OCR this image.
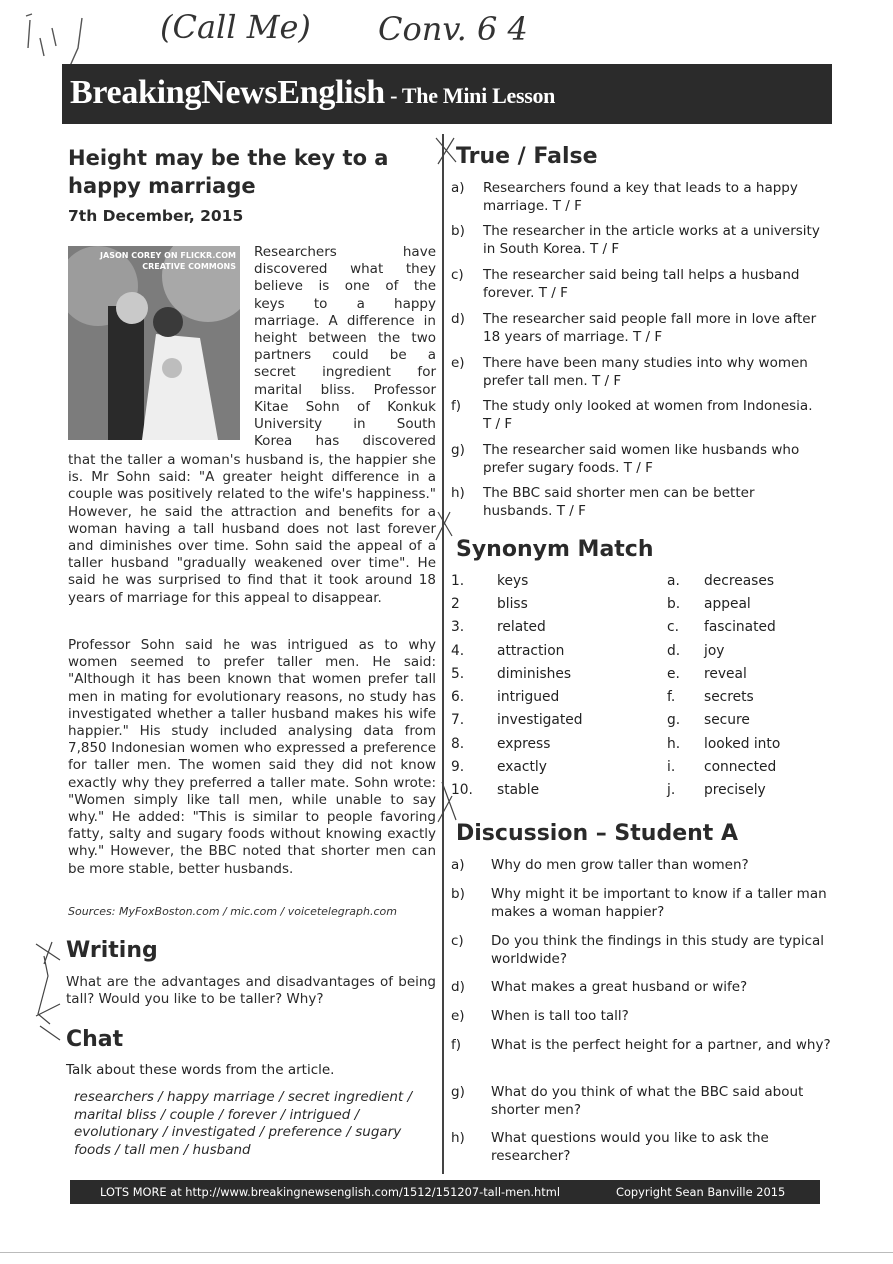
(Call Me) Conv. 6 4
BreakingNewsEnglish - The Mini Lesson
Height may be the key to a
happy marriage
7th December, 2015
JASON COREY ON FLICKR.COM
CREATIVE COMMONS
Researchers have
discovered what they
believe is one of the
keys to a happy
marriage. A difference in
height between the two
partners could be a
secret ingredient for
marital bliss. Professor
Kitae Sohn of Konkuk
University in South
Korea has discovered
that the taller a woman's husband is, the happier she is. Mr Sohn said: "A greater height difference in a couple was positively related to the wife's happiness." However, he said the attraction and benefits for a woman having a tall husband does not last forever and diminishes over time. Sohn said the appeal of a taller husband "gradually weakened over time". He said he was surprised to find that it took around 18 years of marriage for this appeal to disappear.
Professor Sohn said he was intrigued as to why women seemed to prefer taller men. He said: "Although it has been known that women prefer tall men in mating for evolutionary reasons, no study has investigated whether a taller husband makes his wife happier." His study included analysing data from 7,850 Indonesian women who expressed a preference for taller men. The women said they did not know exactly why they preferred a taller mate. Sohn wrote: "Women simply like tall men, while unable to say why." He added: "This is similar to people favoring fatty, salty and sugary foods without knowing exactly why." However, the BBC noted that shorter men can be more stable, better husbands.
Sources: MyFoxBoston.com / mic.com / voicetelegraph.com
Writing
What are the advantages and disadvantages of being tall? Would you like to be taller? Why?
Chat
Talk about these words from the article.
researchers / happy marriage / secret ingredient / marital bliss / couple / forever / intrigued / evolutionary / investigated / preference / sugary foods / tall men / husband
True / False
a) Researchers found a key that leads to a happy marriage. T / F
b) The researcher in the article works at a university in South Korea. T / F
c) The researcher said being tall helps a husband forever. T / F
d) The researcher said people fall more in love after 18 years of marriage. T / F
e) There have been many studies into why women prefer tall men. T / F
f) The study only looked at women from Indonesia. T / F
g) The researcher said women like husbands who prefer sugary foods. T / F
h) The BBC said shorter men can be better husbands. T / F
Synonym Match
1. keys
2	bliss
3. related
4. attraction
5. diminishes
6. intrigued
7. investigated
8. express
9. exactly
10. stable
a. decreases
b. appeal
c. fascinated
d. joy
e. reveal
f. secrets
g. secure
h. looked into
i. connected
j. precisely
Discussion – Student A
a) Why do men grow taller than women?
b) Why might it be important to know if a taller man makes a woman happier?
c) Do you think the findings in this study are typical worldwide?
d) What makes a great husband or wife?
e) When is tall too tall?
f) What is the perfect height for a partner, and why?
g) What do you think of what the BBC said about shorter men?
h) What questions would you like to ask the researcher?
LOTS MORE at http://www.breakingnewsenglish.com/1512/151207-tall-men.html	Copyright Sean Banville 2015
